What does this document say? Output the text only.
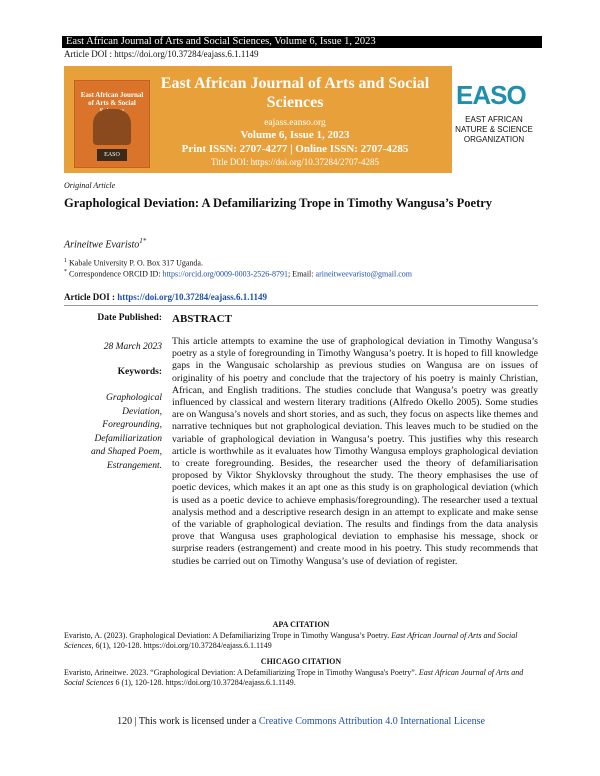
East African Journal of Arts and Social Sciences, Volume 6, Issue 1, 2023
Article DOI : https://doi.org/10.37284/eajass.6.1.1149
East African Journal of Arts & Social
EASO
East African Journal of Arts and Social Sciences
eajass.eanso.org
Volume 6, Issue 1, 2023
Print ISSN: 2707-4277 | Online ISSN: 2707-4285
Title DOI: https://doi.org/10.37284/2707-4285
EASO
EAST AFRICAN NATURE & SCIENCE ORGANIZATION
Original Article
Graphological Deviation: A Defamiliarizing Trope in Timothy Wangusa’s Poetry
Arineitwe Evaristo$^{1*}$
$^1$ Kabale University P. O. Box 317 Uganda.
* Correspondence ORCID ID: https://orcid.org/0009-0003-2526-8791; Email: arineitweevaristo@gmail.com
Article DOI : https://doi.org/10.37284/eajass.6.1.1149
Date Published:
28 March 2023
Keywords:
Graphological
Deviation,
Foregrounding,
Defamiliarization
and Shaped Poem,
Estrangement.
ABSTRACT
This article attempts to examine the use of graphological deviation in Timothy Wangusa’s poetry as a style of foregrounding in Timothy Wangusa’s poetry. It is hoped to fill knowledge gaps in the Wangusaic scholarship as previous studies on Wangusa are on issues of originality of his poetry and conclude that the trajectory of his poetry is mainly Christian, African, and English traditions. The studies conclude that Wangusa’s poetry was greatly influenced by classical and western literary traditions (Alfredo Okello 2005). Some studies are on Wangusa’s novels and short stories, and as such, they focus on aspects like themes and narrative techniques but not graphological deviation. This leaves much to be studied on the variable of graphological deviation in Wangusa’s poetry. This justifies why this research article is worthwhile as it evaluates how Timothy Wangusa employs graphological deviation to create foregrounding. Besides, the researcher used the theory of defamiliarisation proposed by Viktor Shyklovsky throughout the study. The theory emphasises the use of poetic devices, which makes it an apt one as this study is on graphological deviation (which is used as a poetic device to achieve emphasis/foregrounding). The researcher used a textual analysis method and a descriptive research design in an attempt to explicate and make sense of the variable of graphological deviation. The results and findings from the data analysis prove that Wangusa uses graphological deviation to emphasise his message, shock or surprise readers (estrangement) and create mood in his poetry. This study recommends that studies be carried out on Timothy Wangusa’s use of deviation of register.
APA CITATION
Evaristo, A. (2023). Graphological Deviation: A Defamiliarizing Trope in Timothy Wangusa’s Poetry. East African Journal of Arts and Social Sciences, 6(1), 120-128. https://doi.org/10.37284/eajass.6.1.1149
CHICAGO CITATION
Evaristo, Arineitwe. 2023. “Graphological Deviation: A Defamiliarizing Trope in Timothy Wangusa's Poetry”. East African Journal of Arts and Social Sciences 6 (1), 120-128. https://doi.org/10.37284/eajass.6.1.1149.
120 | This work is licensed under a Creative Commons Attribution 4.0 International License
